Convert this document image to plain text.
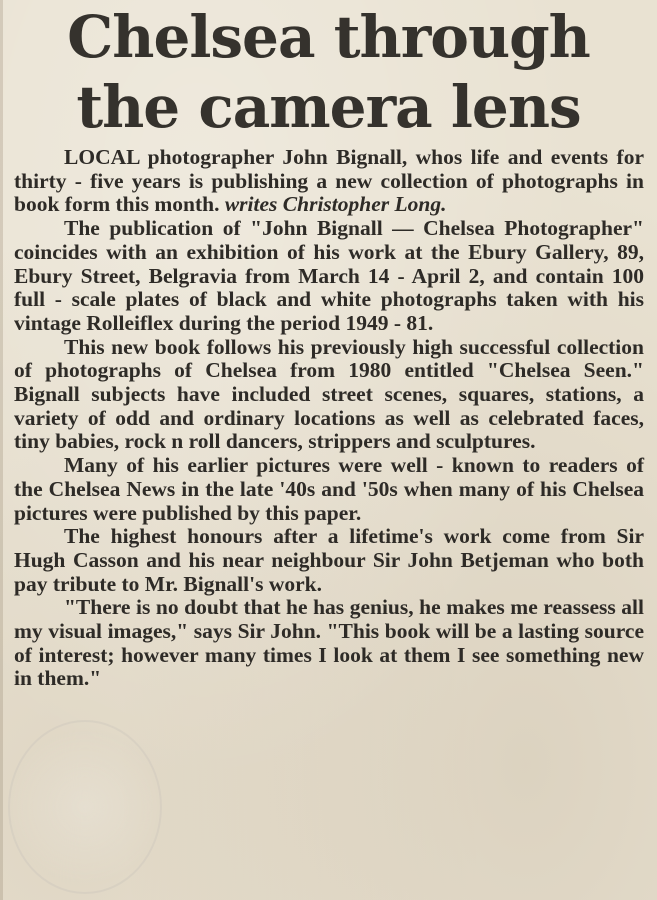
Chelsea through
the camera lens

LOCAL photographer John Bignall, whos life and events for thirty - five years is publishing a new collection of photographs in book form this month. writes Christopher Long.

The publication of "John Bignall — Chelsea Photographer" coincides with an exhibition of his work at the Ebury Gallery, 89, Ebury Street, Belgravia from March 14 - April 2, and contain 100 full - scale plates of black and white photographs taken with his vintage Rolleiflex during the period 1949 - 81.

This new book follows his previously high successful collection of photographs of Chelsea from 1980 entitled "Chelsea Seen." Bignall subjects have included street scenes, squares, stations, a variety of odd and ordinary locations as well as celebrated faces, tiny babies, rock n roll dancers, strippers and sculptures.

Many of his earlier pictures were well - known to readers of the Chelsea News in the late '40s and '50s when many of his Chelsea pictures were published by this paper.

The highest honours after a lifetime's work come from Sir Hugh Casson and his near neighbour Sir John Betjeman who both pay tribute to Mr. Bignall's work.

"There is no doubt that he has genius, he makes me reassess all my visual images," says Sir John. "This book will be a lasting source of interest; however many times I look at them I see something new in them."
